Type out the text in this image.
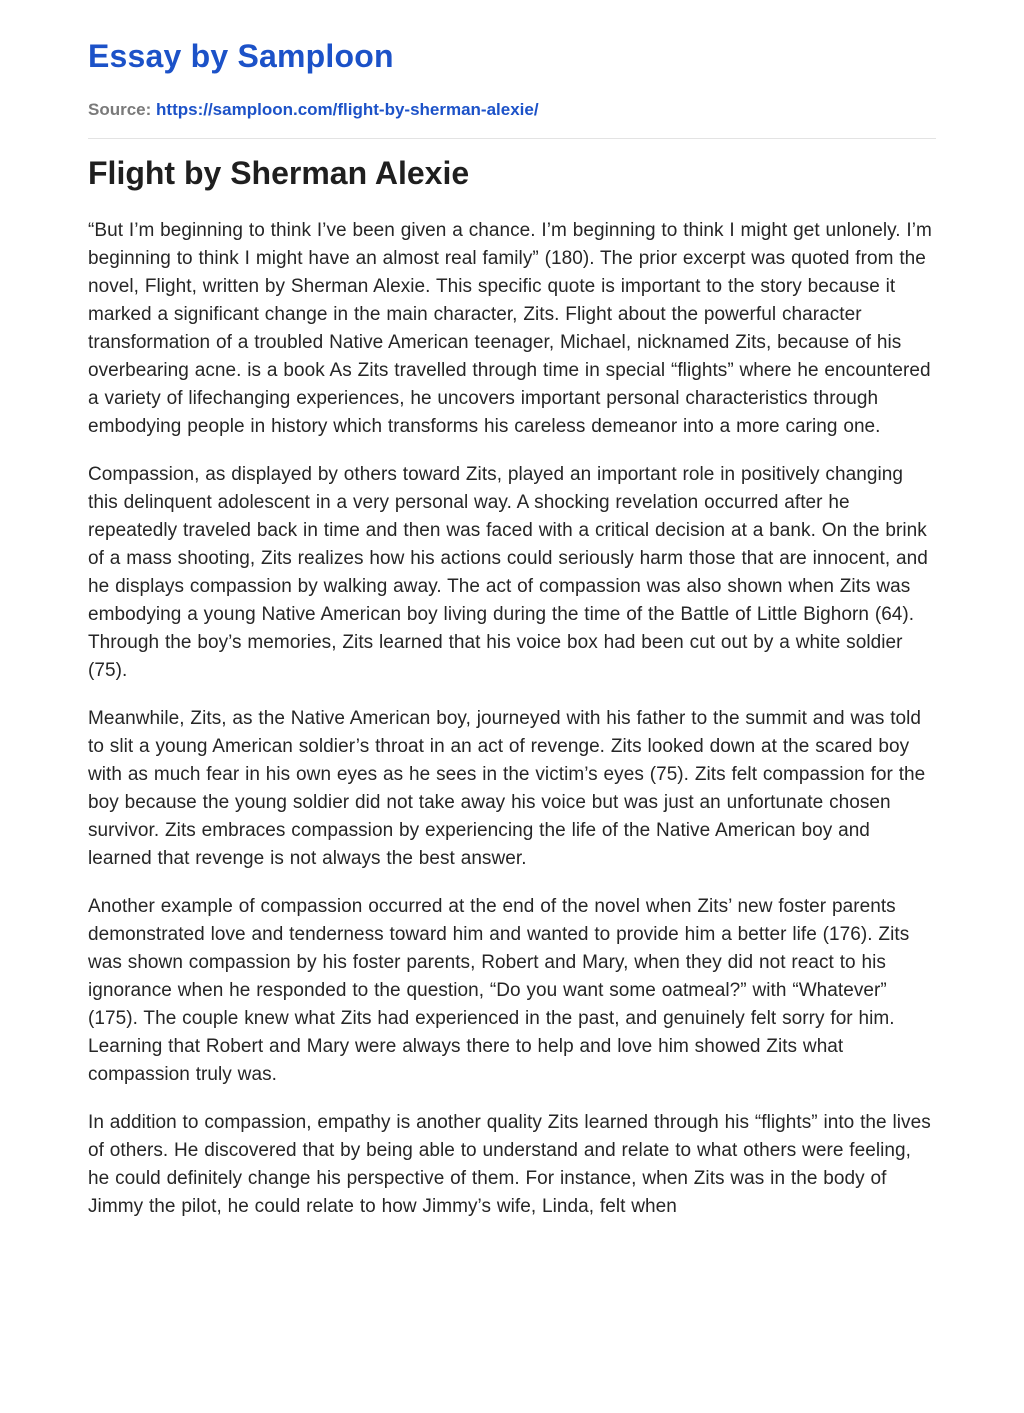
Essay by Samploon
Source: https://samploon.com/flight-by-sherman-alexie/
Flight by Sherman Alexie

“But I’m beginning to think I’ve been given a chance. I’m beginning to think I might get unlonely. I’m beginning to think I might have an almost real family” (180). The prior excerpt was quoted from the novel, Flight, written by Sherman Alexie. This specific quote is important to the story because it marked a significant change in the main character, Zits. Flight about the powerful character transformation of a troubled Native American teenager, Michael, nicknamed Zits, because of his overbearing acne. is a book As Zits travelled through time in special “flights” where he encountered a variety of lifechanging experiences, he uncovers important personal characteristics through embodying people in history which transforms his careless demeanor into a more caring one.

Compassion, as displayed by others toward Zits, played an important role in positively changing this delinquent adolescent in a very personal way. A shocking revelation occurred after he repeatedly traveled back in time and then was faced with a critical decision at a bank. On the brink of a mass shooting, Zits realizes how his actions could seriously harm those that are innocent, and he displays compassion by walking away. The act of compassion was also shown when Zits was embodying a young Native American boy living during the time of the Battle of Little Bighorn (64). Through the boy’s memories, Zits learned that his voice box had been cut out by a white soldier (75).

Meanwhile, Zits, as the Native American boy, journeyed with his father to the summit and was told to slit a young American soldier’s throat in an act of revenge. Zits looked down at the scared boy with as much fear in his own eyes as he sees in the victim’s eyes (75). Zits felt compassion for the boy because the young soldier did not take away his voice but was just an unfortunate chosen survivor. Zits embraces compassion by experiencing the life of the Native American boy and learned that revenge is not always the best answer.

Another example of compassion occurred at the end of the novel when Zits’ new foster parents demonstrated love and tenderness toward him and wanted to provide him a better life (176). Zits was shown compassion by his foster parents, Robert and Mary, when they did not react to his ignorance when he responded to the question, “Do you want some oatmeal?” with “Whatever” (175). The couple knew what Zits had experienced in the past, and genuinely felt sorry for him. Learning that Robert and Mary were always there to help and love him showed Zits what compassion truly was.

In addition to compassion, empathy is another quality Zits learned through his “flights” into the lives of others. He discovered that by being able to understand and relate to what others were feeling, he could definitely change his perspective of them. For instance, when Zits was in the body of Jimmy the pilot, he could relate to how Jimmy’s wife, Linda, felt when
